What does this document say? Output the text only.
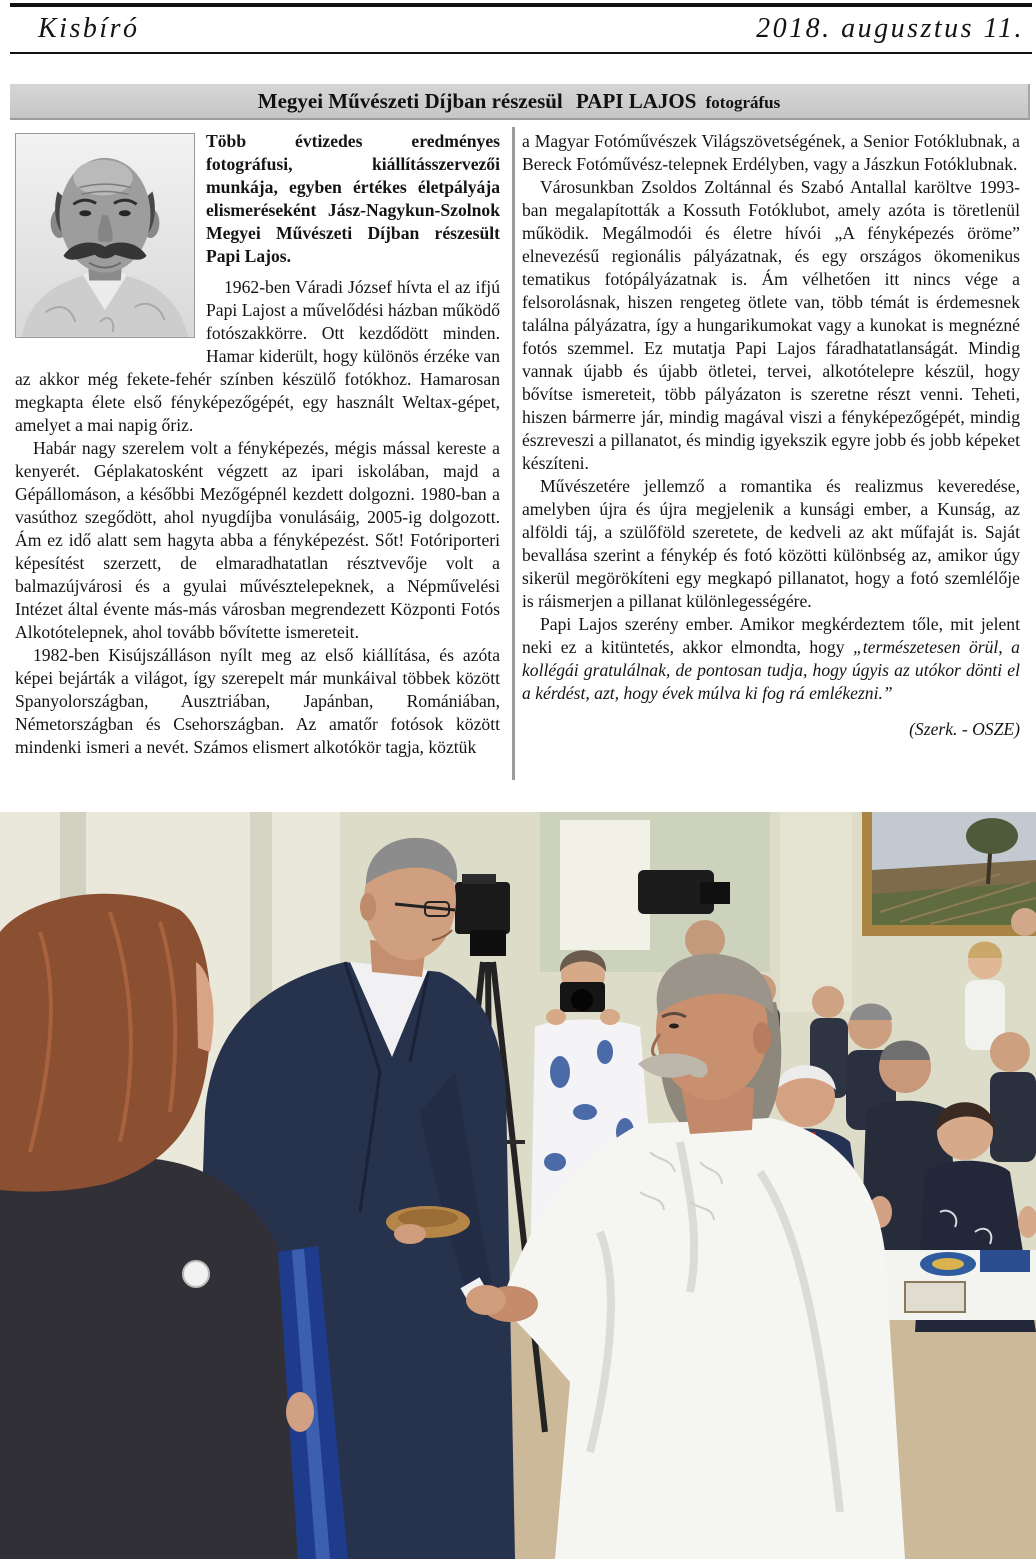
Kisbíró	2018. augusztus 11.
Megyei Művészeti Díjban részesül PAPI LAJOS fotográfus

Több évtizedes eredményes fotográfusi, kiállításszervezői munkája, egyben értékes életpályája elismeréseként Jász-Nagykun-Szolnok Megyei Művészeti Díjban részesült Papi Lajos.

1962-ben Váradi József hívta el az ifjú Papi Lajost a művelődési házban működő fotószakkörre. Ott kezdődött minden. Hamar kiderült, hogy különös érzéke van az akkor még fekete-fehér színben készülő fotókhoz. Hamarosan megkapta élete első fényképezőgépét, egy használt Weltax-gépet, amelyet a mai napig őriz.

Habár nagy szerelem volt a fényképezés, mégis mással kereste a kenyerét. Géplakatosként végzett az ipari iskolában, majd a Gépállomáson, a későbbi Mezőgépnél kezdett dolgozni. 1980-ban a vasúthoz szegődött, ahol nyugdíjba vonulásáig, 2005-ig dolgozott. Ám ez idő alatt sem hagyta abba a fényképezést. Sőt! Fotóriporteri képesítést szerzett, de elmaradhatatlan résztvevője volt a balmazújvárosi és a gyulai művésztelepeknek, a Népművelési Intézet által évente más-más városban megrendezett Központi Fotós Alkotótelepnek, ahol tovább bővítette ismereteit.

1982-ben Kisújszálláson nyílt meg az első kiállítása, és azóta képei bejárták a világot, így szerepelt már munkáival többek között Spanyolországban, Ausztriában, Japánban, Romániában, Németországban és Csehországban. Az amatőr fotósok között mindenki ismeri a nevét. Számos elismert alkotókör tagja, köztük

a Magyar Fotóművészek Világszövetségének, a Senior Fotóklubnak, a Bereck Fotóművész-telepnek Erdélyben, vagy a Jászkun Fotóklubnak.

Városunkban Zsoldos Zoltánnal és Szabó Antallal karöltve 1993-ban megalapították a Kossuth Fotóklubot, amely azóta is töretlenül működik. Megálmodói és életre hívói „A fényképezés öröme” elnevezésű regionális pályázatnak, és egy országos ökomenikus tematikus fotópályázatnak is. Ám vélhetően itt nincs vége a felsorolásnak, hiszen rengeteg ötlete van, több témát is érdemesnek találna pályázatra, így a hungarikumokat vagy a kunokat is megnézné fotós szemmel. Ez mutatja Papi Lajos fáradhatatlanságát. Mindig vannak újabb és újabb ötletei, tervei, alkotótelepre készül, hogy bővítse ismereteit, több pályázaton is szeretne részt venni. Teheti, hiszen bármerre jár, mindig magával viszi a fényképezőgépét, mindig észreveszi a pillanatot, és mindig igyekszik egyre jobb és jobb képeket készíteni.

Művészetére jellemző a romantika és realizmus keveredése, amelyben újra és újra megjelenik a kunsági ember, a Kunság, az alföldi táj, a szülőföld szeretete, de kedveli az akt műfaját is. Saját bevallása szerint a fénykép és fotó közötti különbség az, amikor úgy sikerül megörökíteni egy megkapó pillanatot, hogy a fotó szemlélője is ráismerjen a pillanat különlegességére.

Papi Lajos szerény ember. Amikor megkérdeztem tőle, mit jelent neki ez a kitüntetés, akkor elmondta, hogy „természetesen örül, a kollégái gratulálnak, de pontosan tudja, hogy úgyis az utókor dönti el a kérdést, azt, hogy évek múlva ki fog rá emlékezni.”

(Szerk. - OSZE)
